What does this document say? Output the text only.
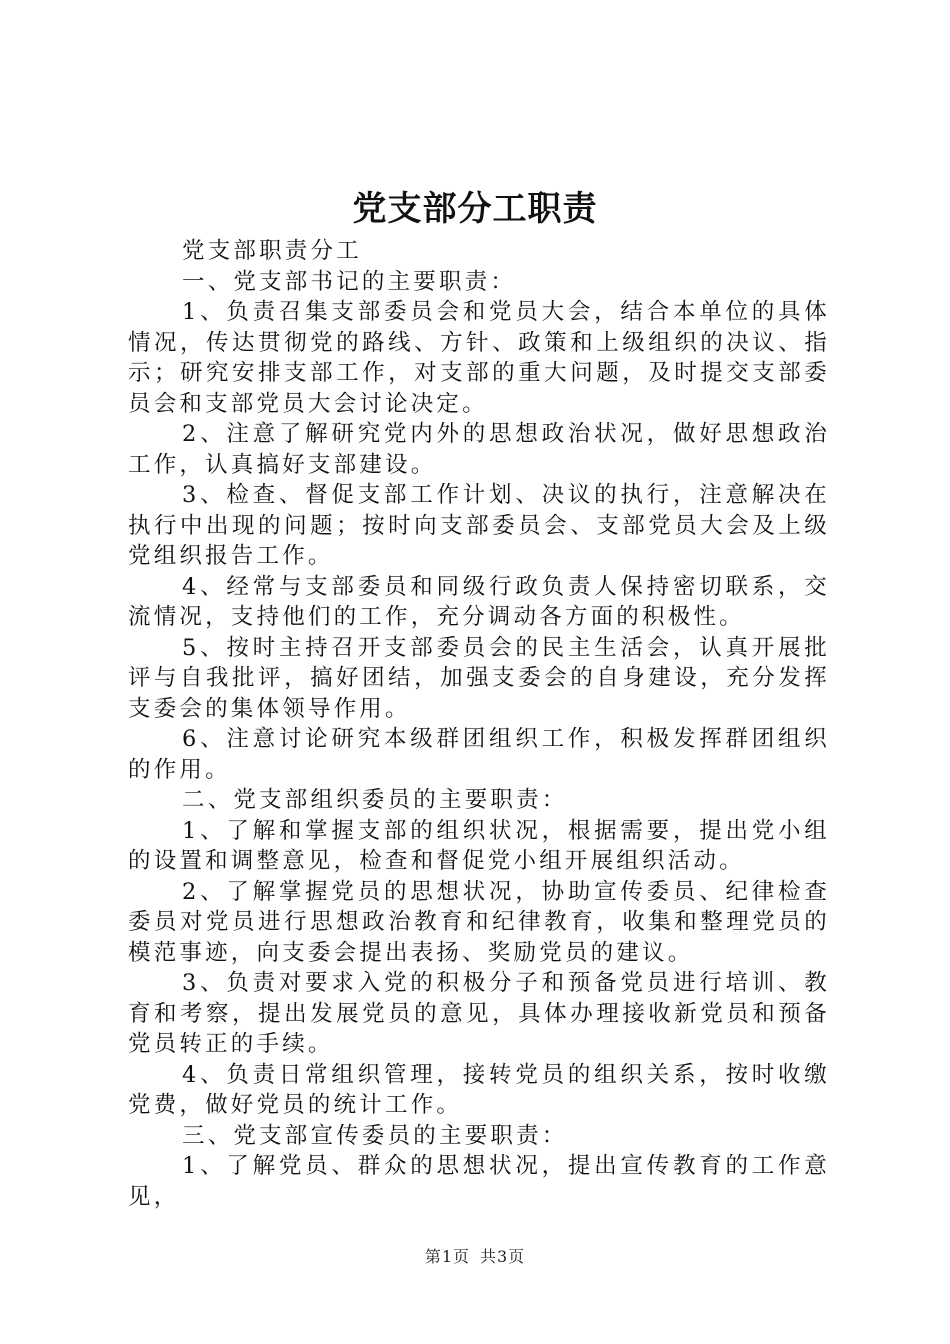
党支部分工职责

党支部职责分工

一、党支部书记的主要职责：

1、负责召集支部委员会和党员大会，结合本单位的具体情况，传达贯彻党的路线、方针、政策和上级组织的决议、指示；研究安排支部工作，对支部的重大问题，及时提交支部委员会和支部党员大会讨论决定。

2、注意了解研究党内外的思想政治状况，做好思想政治工作，认真搞好支部建设。

3、检查、督促支部工作计划、决议的执行，注意解决在执行中出现的问题；按时向支部委员会、支部党员大会及上级党组织报告工作。

4、经常与支部委员和同级行政负责人保持密切联系，交流情况，支持他们的工作，充分调动各方面的积极性。

5、按时主持召开支部委员会的民主生活会，认真开展批评与自我批评，搞好团结，加强支委会的自身建设，充分发挥支委会的集体领导作用。

6、注意讨论研究本级群团组织工作，积极发挥群团组织的作用。

二、党支部组织委员的主要职责：

1、了解和掌握支部的组织状况，根据需要，提出党小组的设置和调整意见，检查和督促党小组开展组织活动。

2、了解掌握党员的思想状况，协助宣传委员、纪律检查委员对党员进行思想政治教育和纪律教育，收集和整理党员的模范事迹，向支委会提出表扬、奖励党员的建议。

3、负责对要求入党的积极分子和预备党员进行培训、教育和考察，提出发展党员的意见，具体办理接收新党员和预备党员转正的手续。

4、负责日常组织管理，接转党员的组织关系，按时收缴党费，做好党员的统计工作。

三、党支部宣传委员的主要职责：

1、了解党员、群众的思想状况，提出宣传教育的工作意见，

第1页 共3页
